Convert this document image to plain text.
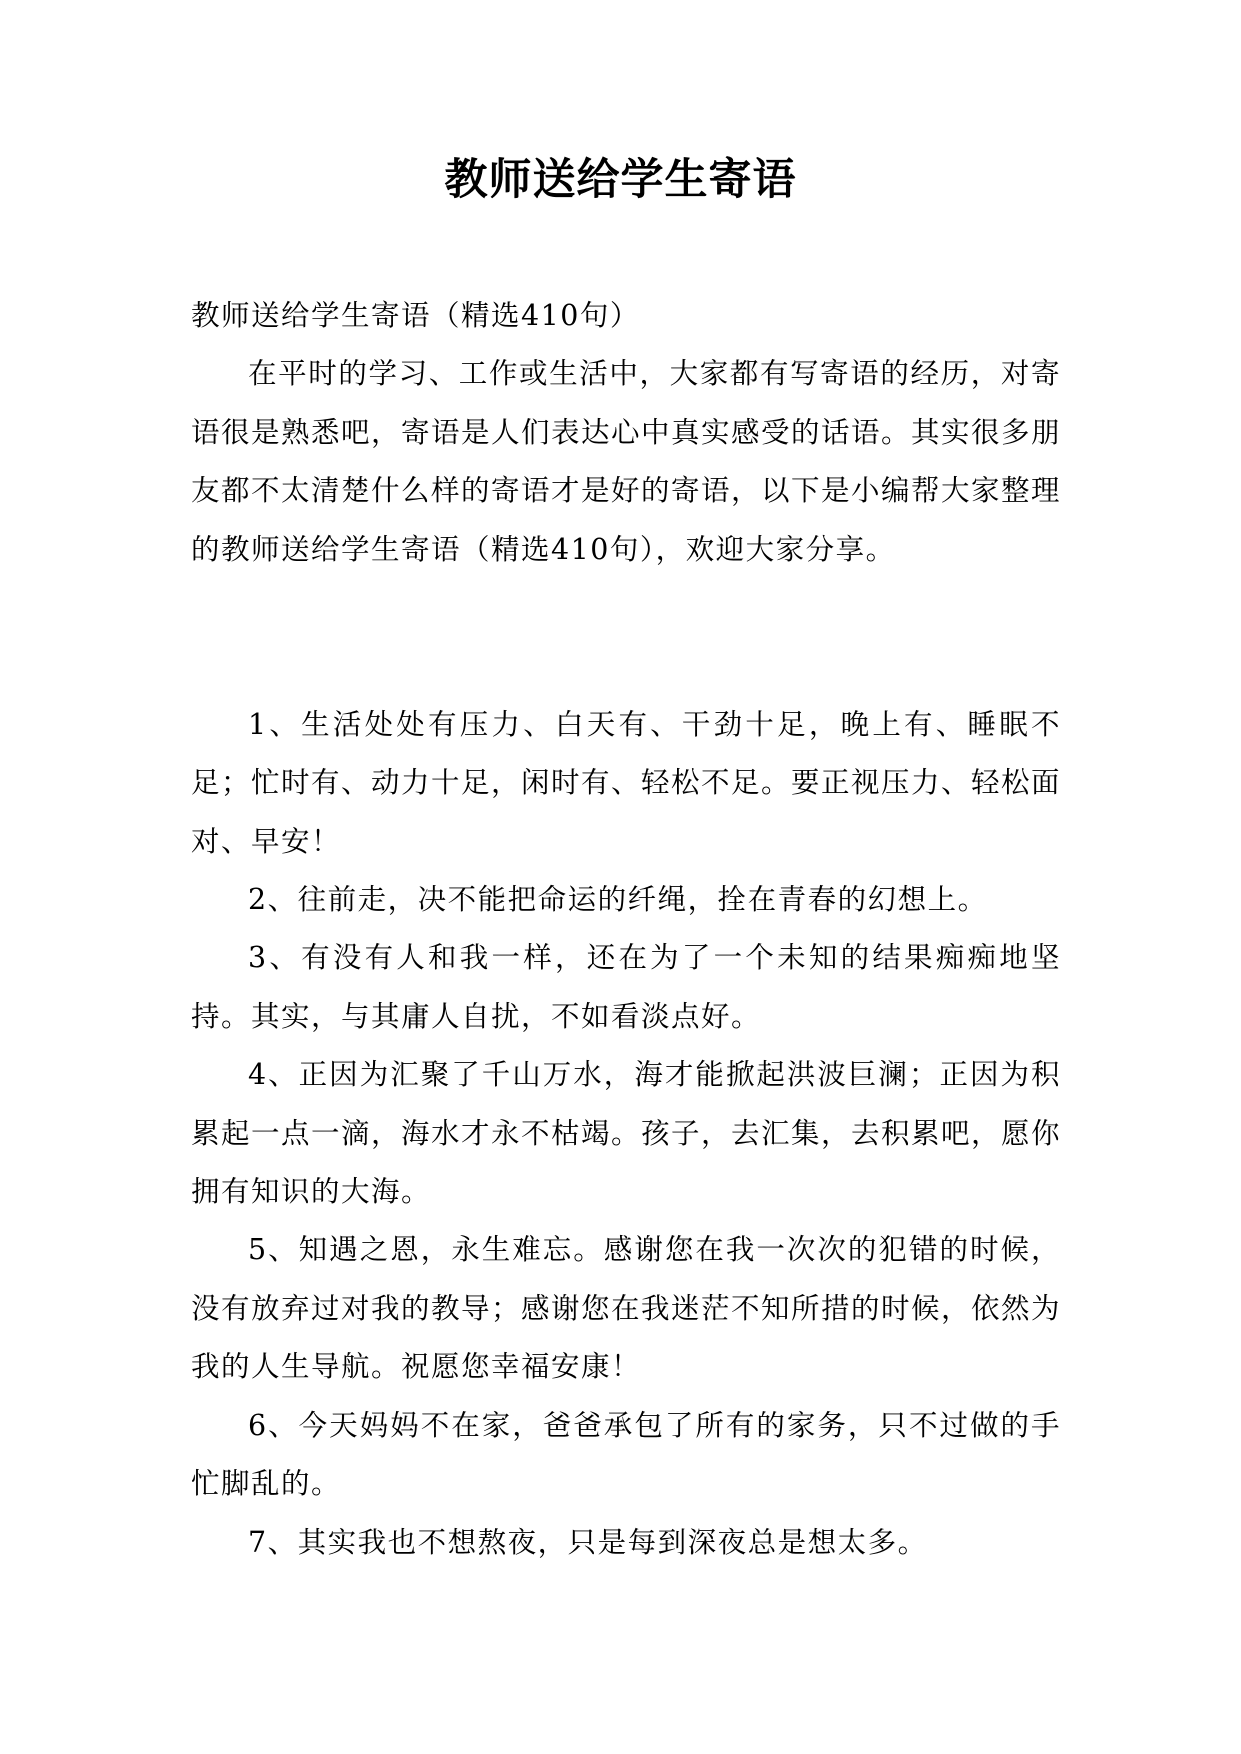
教师送给学生寄语

教师送给学生寄语（精选410句）

在平时的学习、工作或生活中，大家都有写寄语的经历，对寄语很是熟悉吧，寄语是人们表达心中真实感受的话语。其实很多朋友都不太清楚什么样的寄语才是好的寄语，以下是小编帮大家整理的教师送给学生寄语（精选410句），欢迎大家分享。

1、生活处处有压力、白天有、干劲十足，晚上有、睡眠不足；忙时有、动力十足，闲时有、轻松不足。要正视压力、轻松面对、早安！

2、往前走，决不能把命运的纤绳，拴在青春的幻想上。

3、有没有人和我一样，还在为了一个未知的结果痴痴地坚持。其实，与其庸人自扰，不如看淡点好。

4、正因为汇聚了千山万水，海才能掀起洪波巨澜；正因为积累起一点一滴，海水才永不枯竭。孩子，去汇集，去积累吧，愿你拥有知识的大海。

5、知遇之恩，永生难忘。感谢您在我一次次的犯错的时候，没有放弃过对我的教导；感谢您在我迷茫不知所措的时候，依然为我的人生导航。祝愿您幸福安康！

6、今天妈妈不在家，爸爸承包了所有的家务，只不过做的手忙脚乱的。

7、其实我也不想熬夜，只是每到深夜总是想太多。
